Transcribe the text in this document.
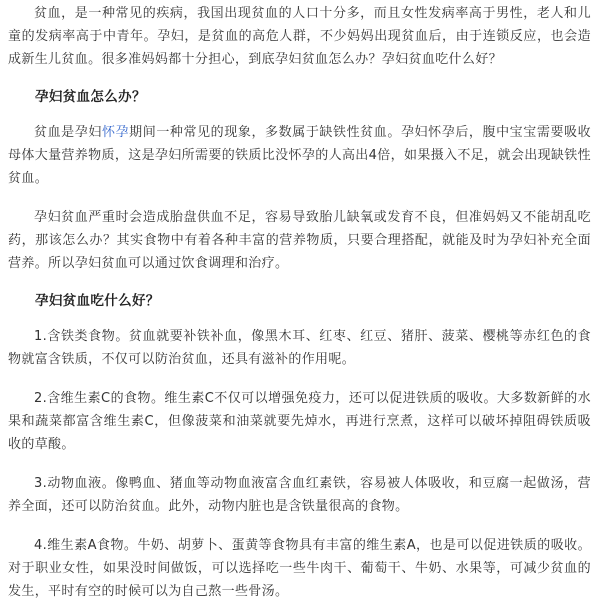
贫血，是一种常见的疾病，我国出现贫血的人口十分多，而且女性发病率高于男性，老人和儿童的发病率高于中青年。孕妇，是贫血的高危人群，不少妈妈出现贫血后，由于连锁反应，也会造成新生儿贫血。很多准妈妈都十分担心，到底孕妇贫血怎么办？孕妇贫血吃什么好？

孕妇贫血怎么办？

贫血是孕妇怀孕期间一种常见的现象，多数属于缺铁性贫血。孕妇怀孕后，腹中宝宝需要吸收母体大量营养物质，这是孕妇所需要的铁质比没怀孕的人高出4倍，如果摄入不足，就会出现缺铁性贫血。

孕妇贫血严重时会造成胎盘供血不足，容易导致胎儿缺氧或发育不良，但准妈妈又不能胡乱吃药，那该怎么办？其实食物中有着各种丰富的营养物质，只要合理搭配，就能及时为孕妇补充全面营养。所以孕妇贫血可以通过饮食调理和治疗。

孕妇贫血吃什么好？

1.含铁类食物。贫血就要补铁补血，像黑木耳、红枣、红豆、猪肝、菠菜、樱桃等赤红色的食物就富含铁质，不仅可以防治贫血，还具有滋补的作用呢。

2.含维生素C的食物。维生素C不仅可以增强免疫力，还可以促进铁质的吸收。大多数新鲜的水果和蔬菜都富含维生素C，但像菠菜和油菜就要先焯水，再进行烹煮，这样可以破坏掉阻碍铁质吸收的草酸。

3.动物血液。像鸭血、猪血等动物血液富含血红素铁，容易被人体吸收，和豆腐一起做汤，营养全面，还可以防治贫血。此外，动物内脏也是含铁量很高的食物。

4.维生素A食物。牛奶、胡萝卜、蛋黄等食物具有丰富的维生素A，也是可以促进铁质的吸收。对于职业女性，如果没时间做饭，可以选择吃一些牛肉干、葡萄干、牛奶、水果等，可减少贫血的发生，平时有空的时候可以为自己熬一些骨汤。
